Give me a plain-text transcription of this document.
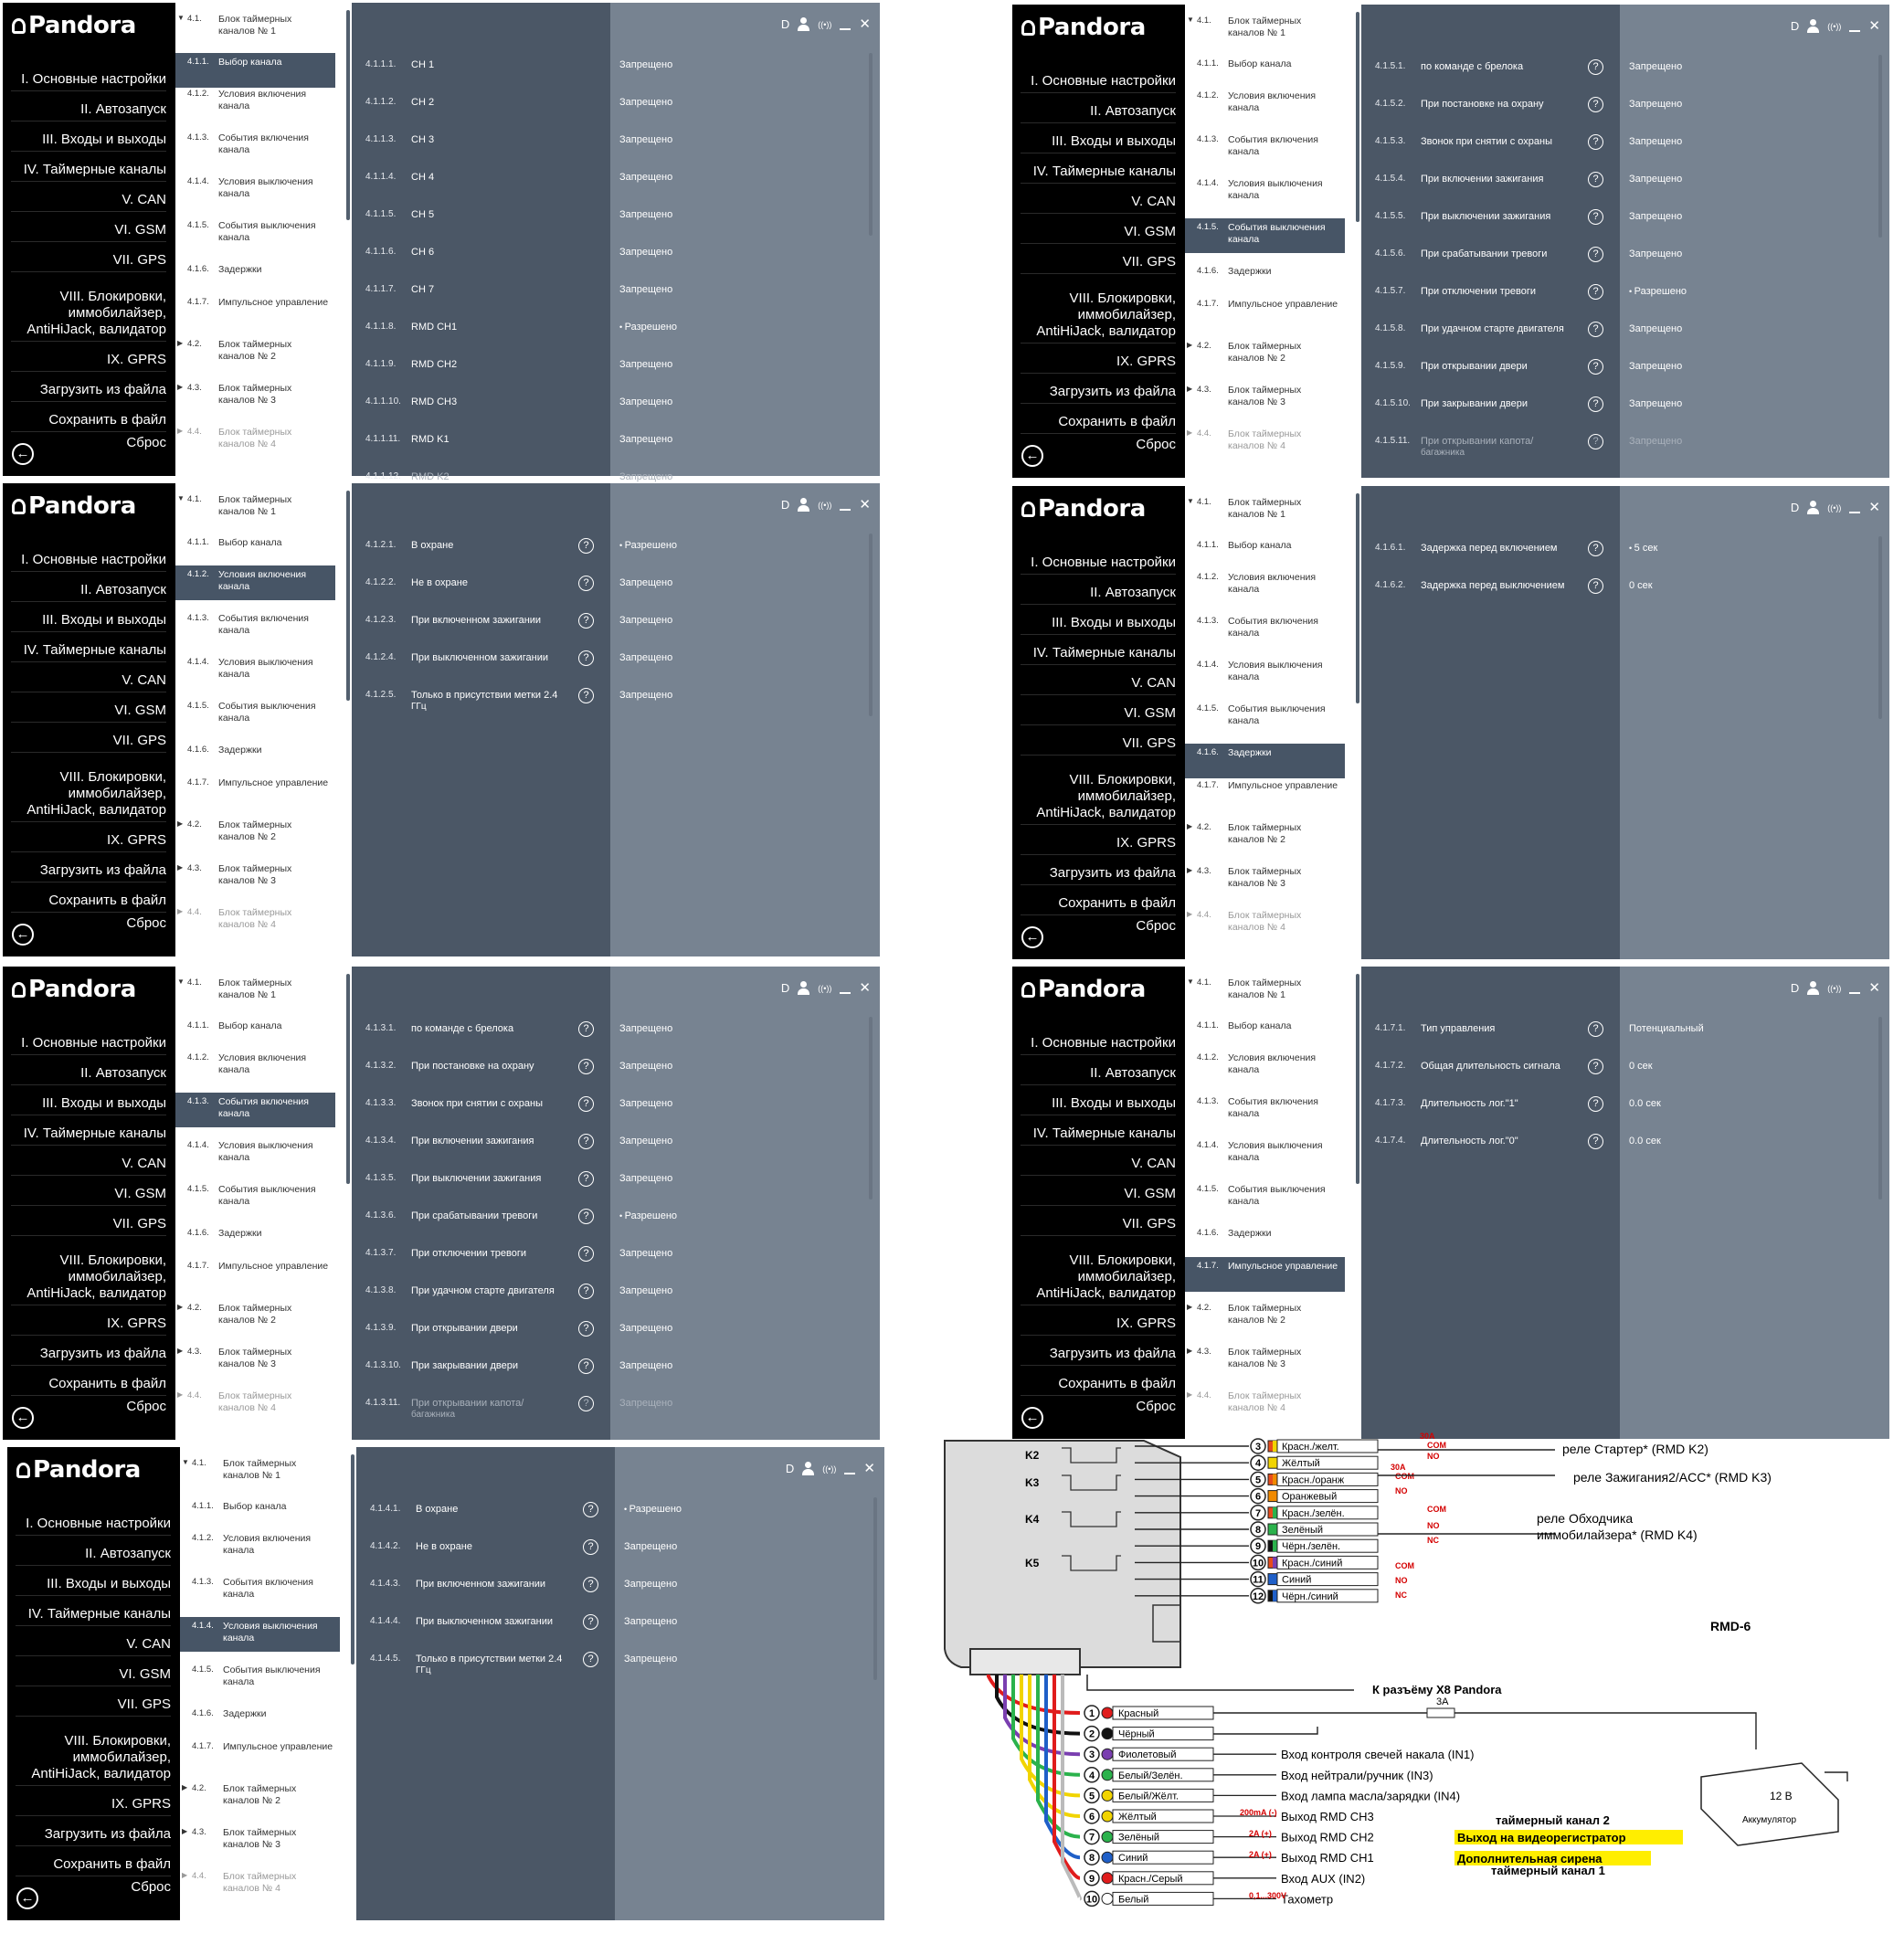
Pandora
I. Основные настройки
II. Автозапуск
III. Входы и выходы
IV. Таймерные каналы
V. CAN
VI. GSM
VII. GPS
VIII. Блокировки, иммобилайзер, AntiHiJack, валидатор
IX. GPRS
Загрузить из файла
Сохранить в файл
←
Сброс
▼ 4.1. Блок таймерных каналов № 1
4.1.1. Выбор канала
4.1.2. Условия включения канала
4.1.3. События включения канала
4.1.4. Условия выключения канала
4.1.5. События выключения канала
4.1.6. Задержки
4.1.7. Импульсное управление
▶ 4.2. Блок таймерных каналов № 2
▶ 4.3. Блок таймерных каналов № 3
▶ 4.4. Блок таймерных каналов № 4
D	((•)) ✕
4.1.1.1. CH 1	Запрещено
4.1.1.2. CH 2	Запрещено
4.1.1.3. CH 3	Запрещено
4.1.1.4. CH 4	Запрещено
4.1.1.5. CH 5	Запрещено
4.1.1.6. CH 6	Запрещено
4.1.1.7. CH 7	Запрещено
4.1.1.8. RMD CH1	• Разрешено
4.1.1.9. RMD CH2	Запрещено
4.1.1.10. RMD CH3	Запрещено
4.1.1.11. RMD K1	Запрещено
4.1.1.12. RMD K2	Запрещено
Pandora
I. Основные настройки
II. Автозапуск
III. Входы и выходы
IV. Таймерные каналы
V. CAN
VI. GSM
VII. GPS
VIII. Блокировки, иммобилайзер, AntiHiJack, валидатор
IX. GPRS
Загрузить из файла
Сохранить в файл
←
Сброс
▼ 4.1. Блок таймерных каналов № 1
4.1.1. Выбор канала
4.1.2. Условия включения канала
4.1.3. События включения канала
4.1.4. Условия выключения канала
4.1.5. События выключения канала
4.1.6. Задержки
4.1.7. Импульсное управление
▶ 4.2. Блок таймерных каналов № 2
▶ 4.3. Блок таймерных каналов № 3
▶ 4.4. Блок таймерных каналов № 4
D	((•)) ✕
4.1.5.1. по команде с брелока	?	Запрещено
4.1.5.2. При постановке на охрану	?	Запрещено
4.1.5.3. Звонок при снятии с охраны	?	Запрещено
4.1.5.4. При включении зажигания	?	Запрещено
4.1.5.5. При выключении зажигания	?	Запрещено
4.1.5.6. При срабатывании тревоги	?	Запрещено
4.1.5.7. При отключении тревоги	?	• Разрешено
4.1.5.8. При удачном старте двигателя	?	Запрещено
4.1.5.9. При открывании двери	?	Запрещено
4.1.5.10. При закрывании двери	?	Запрещено
4.1.5.11. При открывании капота/
багажника
?	Запрещено
Pandora
I. Основные настройки
II. Автозапуск
III. Входы и выходы
IV. Таймерные каналы
V. CAN
VI. GSM
VII. GPS
VIII. Блокировки, иммобилайзер, AntiHiJack, валидатор
IX. GPRS
Загрузить из файла
Сохранить в файл
←
Сброс
▼ 4.1. Блок таймерных каналов № 1
4.1.1. Выбор канала
4.1.2. Условия включения канала
4.1.3. События включения канала
4.1.4. Условия выключения канала
4.1.5. События выключения канала
4.1.6. Задержки
4.1.7. Импульсное управление
▶ 4.2. Блок таймерных каналов № 2
▶ 4.3. Блок таймерных каналов № 3
▶ 4.4. Блок таймерных каналов № 4
D	((•)) ✕
4.1.2.1. В охране	?	• Разрешено
4.1.2.2. Не в охране	?	Запрещено
4.1.2.3. При включенном зажигании	?	Запрещено
4.1.2.4. При выключенном зажигании	?	Запрещено
4.1.2.5. Только в присутствии метки 2.4
ГГц
?	Запрещено
Pandora
I. Основные настройки
II. Автозапуск
III. Входы и выходы
IV. Таймерные каналы
V. CAN
VI. GSM
VII. GPS
VIII. Блокировки, иммобилайзер, AntiHiJack, валидатор
IX. GPRS
Загрузить из файла
Сохранить в файл
←
Сброс
▼ 4.1. Блок таймерных каналов № 1
4.1.1. Выбор канала
4.1.2. Условия включения канала
4.1.3. События включения канала
4.1.4. Условия выключения канала
4.1.5. События выключения канала
4.1.6. Задержки
4.1.7. Импульсное управление
▶ 4.2. Блок таймерных каналов № 2
▶ 4.3. Блок таймерных каналов № 3
▶ 4.4. Блок таймерных каналов № 4
D	((•)) ✕
4.1.6.1. Задержка перед включением	?	• 5 сек
4.1.6.2. Задержка перед выключением	?	0 сек
Pandora
I. Основные настройки
II. Автозапуск
III. Входы и выходы
IV. Таймерные каналы
V. CAN
VI. GSM
VII. GPS
VIII. Блокировки, иммобилайзер, AntiHiJack, валидатор
IX. GPRS
Загрузить из файла
Сохранить в файл
←
Сброс
▼ 4.1. Блок таймерных каналов № 1
4.1.1. Выбор канала
4.1.2. Условия включения канала
4.1.3. События включения канала
4.1.4. Условия выключения канала
4.1.5. События выключения канала
4.1.6. Задержки
4.1.7. Импульсное управление
▶ 4.2. Блок таймерных каналов № 2
▶ 4.3. Блок таймерных каналов № 3
▶ 4.4. Блок таймерных каналов № 4
D	((•)) ✕
4.1.3.1. по команде с брелока	?	Запрещено
4.1.3.2. При постановке на охрану	?	Запрещено
4.1.3.3. Звонок при снятии с охраны	?	Запрещено
4.1.3.4. При включении зажигания	?	Запрещено
4.1.3.5. При выключении зажигания	?	Запрещено
4.1.3.6. При срабатывании тревоги	?	• Разрешено
4.1.3.7. При отключении тревоги	?	Запрещено
4.1.3.8. При удачном старте двигателя	?	Запрещено
4.1.3.9. При открывании двери	?	Запрещено
4.1.3.10. При закрывании двери	?	Запрещено
4.1.3.11. При открывании капота/
багажника
?	Запрещено
Pandora
I. Основные настройки
II. Автозапуск
III. Входы и выходы
IV. Таймерные каналы
V. CAN
VI. GSM
VII. GPS
VIII. Блокировки, иммобилайзер, AntiHiJack, валидатор
IX. GPRS
Загрузить из файла
Сохранить в файл
←
Сброс
▼ 4.1. Блок таймерных каналов № 1
4.1.1. Выбор канала
4.1.2. Условия включения канала
4.1.3. События включения канала
4.1.4. Условия выключения канала
4.1.5. События выключения канала
4.1.6. Задержки
4.1.7. Импульсное управление
▶ 4.2. Блок таймерных каналов № 2
▶ 4.3. Блок таймерных каналов № 3
▶ 4.4. Блок таймерных каналов № 4
D	((•)) ✕
4.1.7.1. Тип управления	?	Потенциальный
4.1.7.2. Общая длительность сигнала	?	0 сек
4.1.7.3. Длительность лог."1"	?	0.0 сек
4.1.7.4. Длительность лог."0"	?	0.0 сек
Pandora
I. Основные настройки
II. Автозапуск
III. Входы и выходы
IV. Таймерные каналы
V. CAN
VI. GSM
VII. GPS
VIII. Блокировки, иммобилайзер, AntiHiJack, валидатор
IX. GPRS
Загрузить из файла
Сохранить в файл
←
Сброс
▼ 4.1. Блок таймерных каналов № 1
4.1.1. Выбор канала
4.1.2. Условия включения канала
4.1.3. События включения канала
4.1.4. Условия выключения канала
4.1.5. События выключения канала
4.1.6. Задержки
4.1.7. Импульсное управление
▶ 4.2. Блок таймерных каналов № 2
▶ 4.3. Блок таймерных каналов № 3
▶ 4.4. Блок таймерных каналов № 4
D	((•)) ✕
4.1.4.1. В охране	?	• Разрешено
4.1.4.2. Не в охране	?	Запрещено
4.1.4.3. При включенном зажигании	?	Запрещено
4.1.4.4. При выключенном зажигании	?	Запрещено
4.1.4.5. Только в присутствии метки 2.4
ГГц
?	Запрещено
K2
K3
K4
K5
3 Красн./желт.
4 Жёлтый
5 Красн./оранж
6 Оранжевый
7 Красн./зелён.
8 Зелёный
9 Чёрн./зелён.
10 Красн./синий
11 Синий
12 Чёрн./синий
COM
NO
COM
NO
COM
NO
NC
COM
NO
NC
30A
30A
реле Стартер* (RMD K2)
реле Зажигания2/ACC* (RMD K3)
реле Обходчика
иммобилайзера* (RMD K4)
RMD-6
К разъёму Х8 Pandora
1 Красный
2 Чёрный
3 Фиолетовый	Вход контроля свечей накала (IN1)
4 Белый/Зелён.	Вход нейтрали/ручник (IN3)
5 Белый/Жёлт.	Вход лампа масла/зарядки (IN4)
6 Жёлтый	Выход RMD CH3
7 Зелёный	Выход RMD CH2
8 Синий	Выход RMD CH1
9 Красн./Серый	Вход AUX (IN2)
10 Белый	Тахометр
3A
200mA (-)
2A (+)
2A (+)
0,1...300V
таймерный канал 2
Выход на видеорегистратор
Дополнительная сирена
таймерный канал 1
12 В
Аккумулятор
